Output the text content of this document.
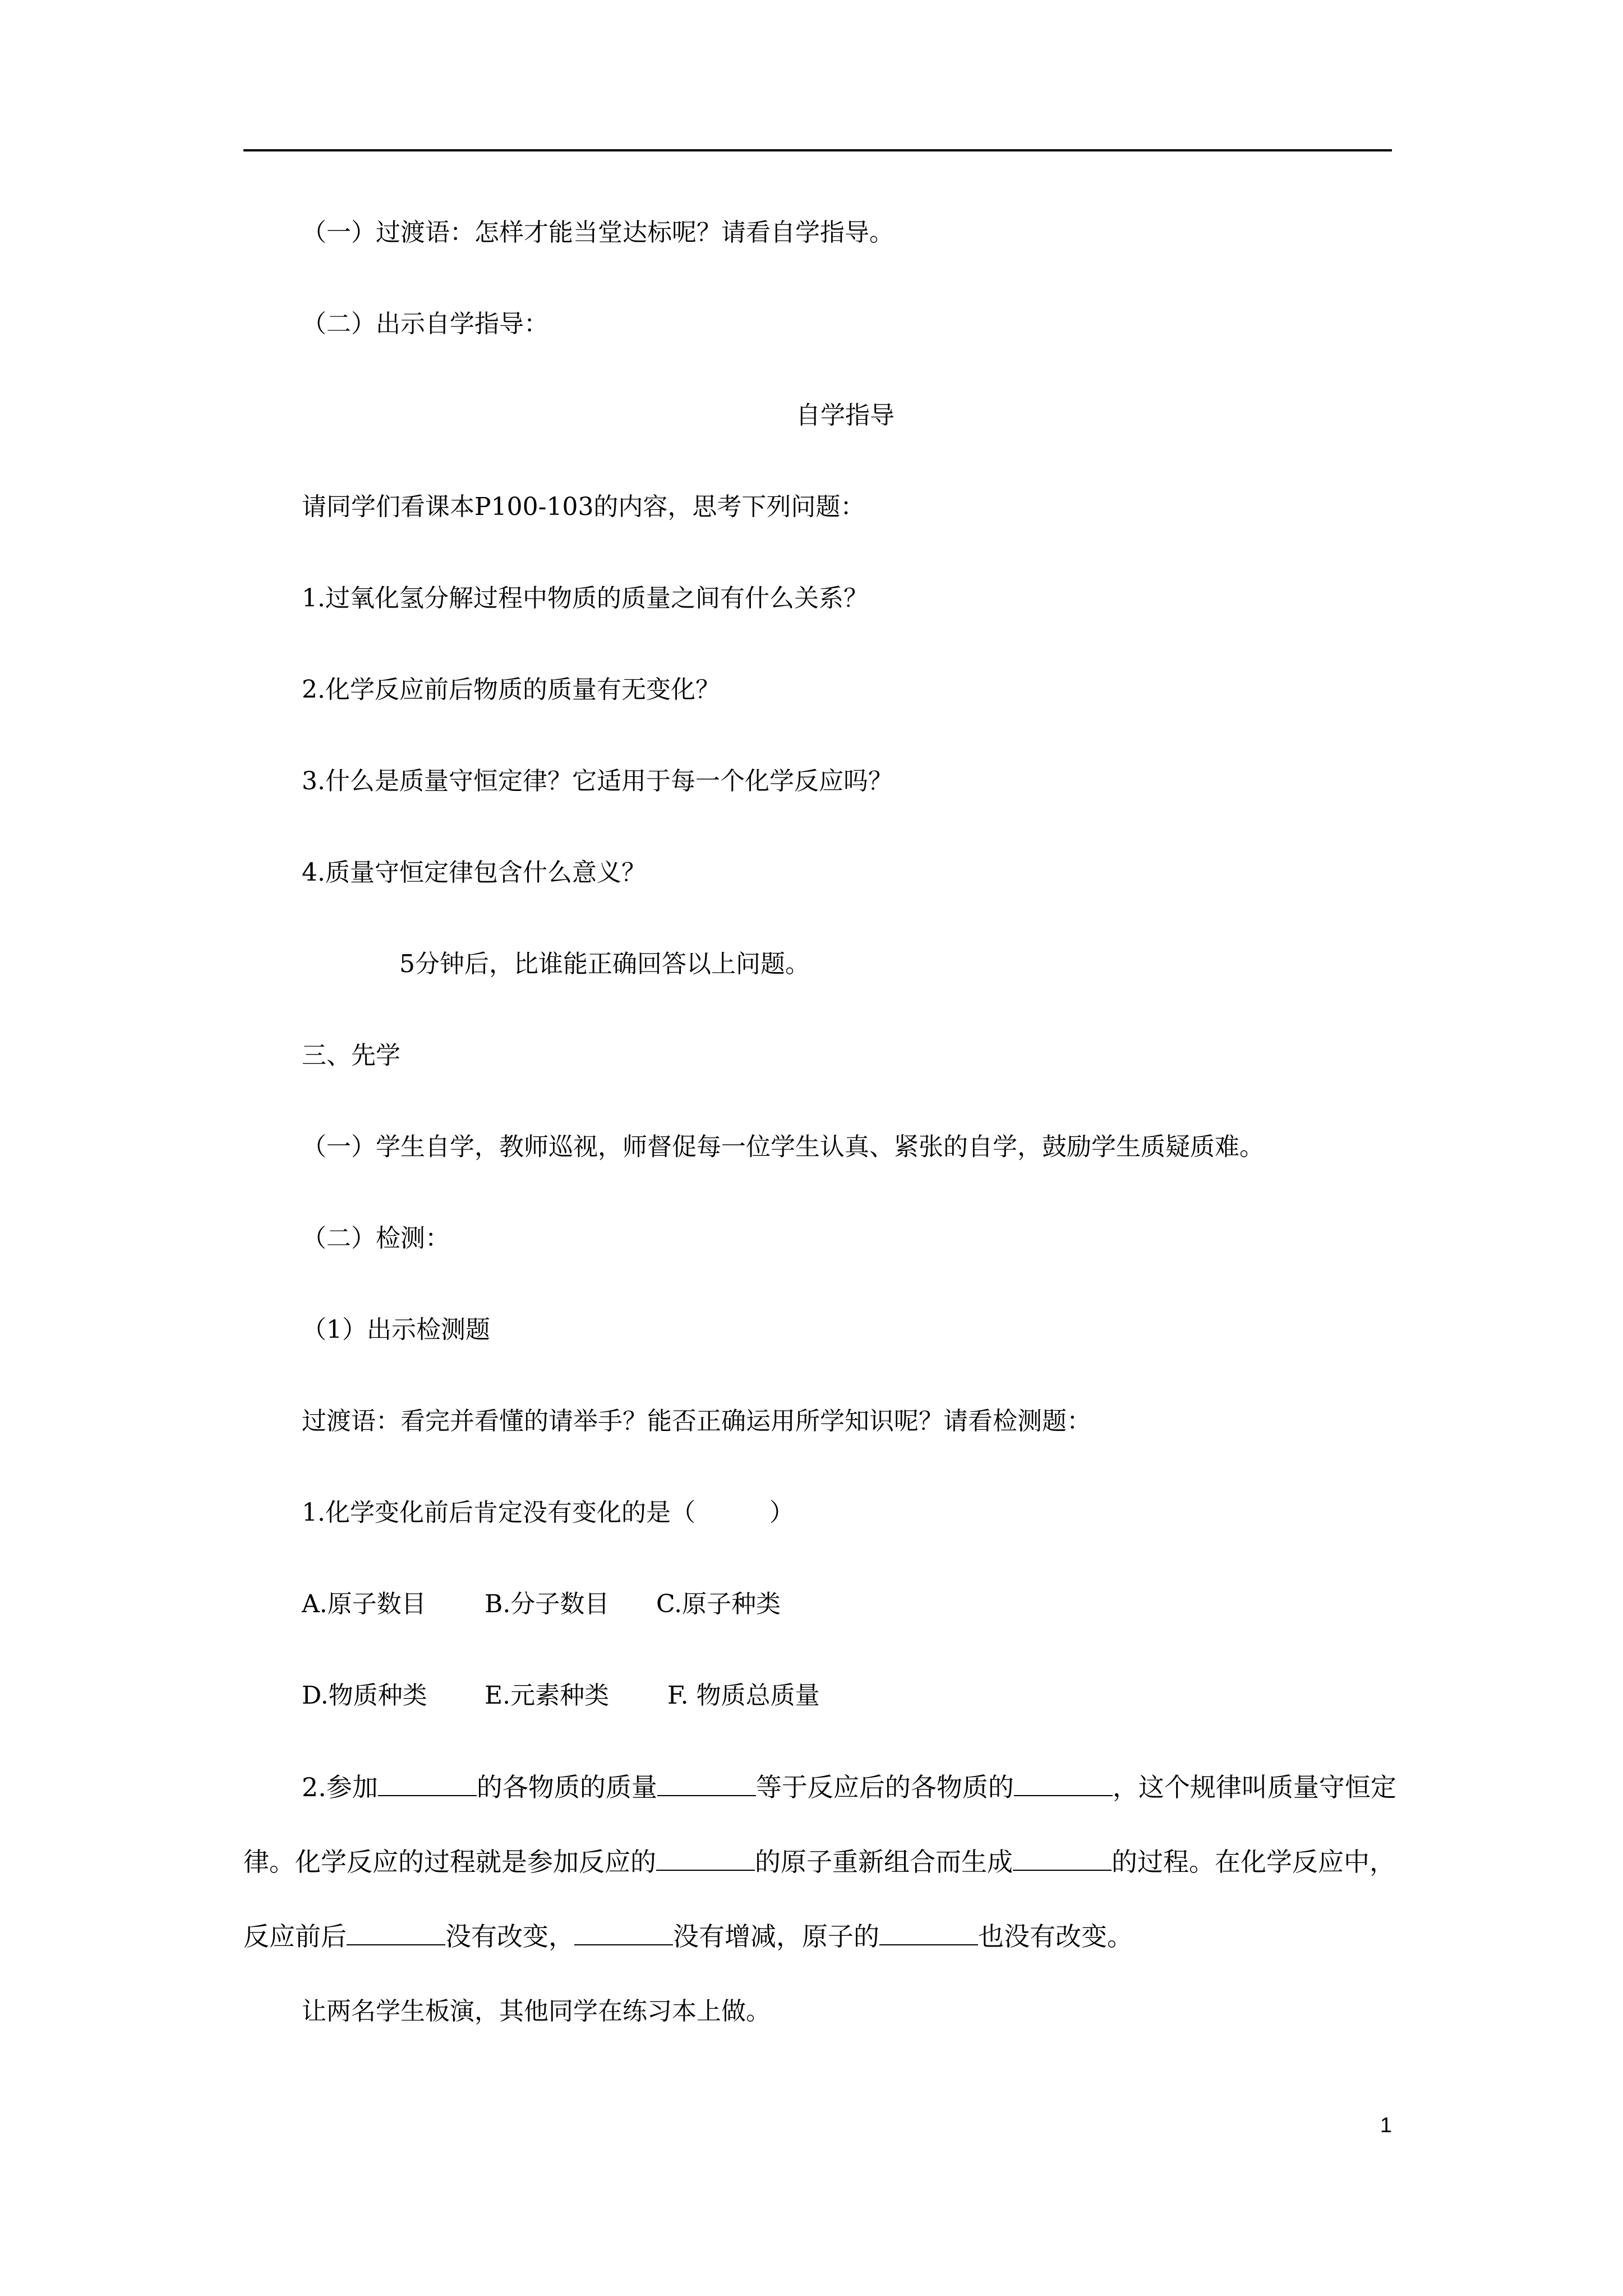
（一）过渡语：怎样才能当堂达标呢？请看自学指导。
（二）出示自学指导：
自学指导
请同学们看课本P100-103的内容，思考下列问题：
1.过氧化氢分解过程中物质的质量之间有什么关系？
2.化学反应前后物质的质量有无变化？
3.什么是质量守恒定律？它适用于每一个化学反应吗？
4.质量守恒定律包含什么意义？
5分钟后，比谁能正确回答以上问题。
三、先学
（一）学生自学，教师巡视，师督促每一位学生认真、紧张的自学，鼓励学生质疑质难。
（二）检测：
（1）出示检测题
过渡语：看完并看懂的请举手？能否正确运用所学知识呢？请看检测题：
1.化学变化前后肯定没有变化的是（　　　）
A.原子数目 B.分子数目 C.原子种类
D.物质种类 E.元素种类 F. 物质总质量
2.参加	的各物质的质量	等于反应后的各物质的	，这个规律叫质量守恒定
律。化学反应的过程就是参加反应的	的原子重新组合而生成	的过程。在化学反应中，
反应前后	没有改变，	没有增减，原子的	也没有改变。
让两名学生板演，其他同学在练习本上做。
1
